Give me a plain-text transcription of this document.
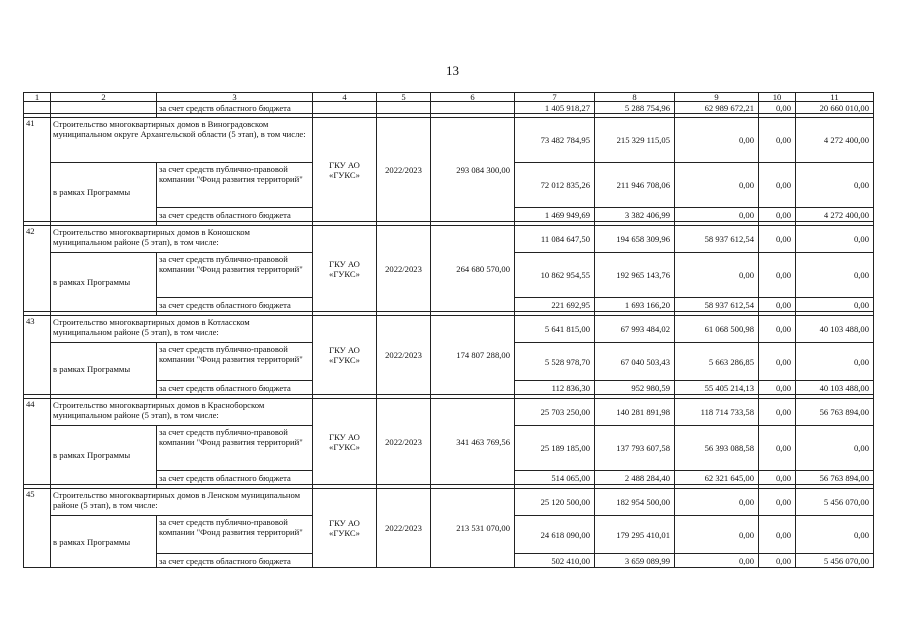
13
1	2	3	4	5	6	7	8	9	10	11
		за счет средств областного бюджета				1 405 918,27	5 288 754,96	62 989 672,21	0,00	20 660 010,00

41	Строительство многоквартирных домов в Виноградовском муниципальном округе Архангельской области (5 этап), в том числе:		ГКУ АО «ГУКС»	2022/2023	293 084 300,00	73 482 784,95	215 329 115,05	0,00	0,00	4 272 400,00
	в рамках Программы	за счет средств публично-правовой компании "Фонд развития территорий"				72 012 835,26	211 946 708,06	0,00	0,00	0,00
		за счет средств областного бюджета				1 469 949,69	3 382 406,99	0,00	0,00	4 272 400,00

42	Строительство многоквартирных домов в Коношском муниципальном районе (5 этап), в том числе:		ГКУ АО «ГУКС»	2022/2023	264 680 570,00	11 084 647,50	194 658 309,96	58 937 612,54	0,00	0,00
	в рамках Программы	за счет средств публично-правовой компании "Фонд развития территорий"				10 862 954,55	192 965 143,76	0,00	0,00	0,00
		за счет средств областного бюджета				221 692,95	1 693 166,20	58 937 612,54	0,00	0,00

43	Строительство многоквартирных домов в Котласском муниципальном районе (5 этап), в том числе:		ГКУ АО «ГУКС»	2022/2023	174 807 288,00	5 641 815,00	67 993 484,02	61 068 500,98	0,00	40 103 488,00
	в рамках Программы	за счет средств публично-правовой компании "Фонд развития территорий"				5 528 978,70	67 040 503,43	5 663 286,85	0,00	0,00
		за счет средств областного бюджета				112 836,30	952 980,59	55 405 214,13	0,00	40 103 488,00

44	Строительство многоквартирных домов в Красноборском муниципальном районе (5 этап), в том числе:		ГКУ АО «ГУКС»	2022/2023	341 463 769,56	25 703 250,00	140 281 891,98	118 714 733,58	0,00	56 763 894,00
	в рамках Программы	за счет средств публично-правовой компании "Фонд развития территорий"				25 189 185,00	137 793 607,58	56 393 088,58	0,00	0,00
		за счет средств областного бюджета				514 065,00	2 488 284,40	62 321 645,00	0,00	56 763 894,00

45	Строительство многоквартирных домов в Ленском муниципальном районе (5 этап), в том числе:		ГКУ АО «ГУКС»	2022/2023	213 531 070,00	25 120 500,00	182 954 500,00	0,00	0,00	5 456 070,00
	в рамках Программы	за счет средств публично-правовой компании "Фонд развития территорий"				24 618 090,00	179 295 410,01	0,00	0,00	0,00
		за счет средств областного бюджета				502 410,00	3 659 089,99	0,00	0,00	5 456 070,00
